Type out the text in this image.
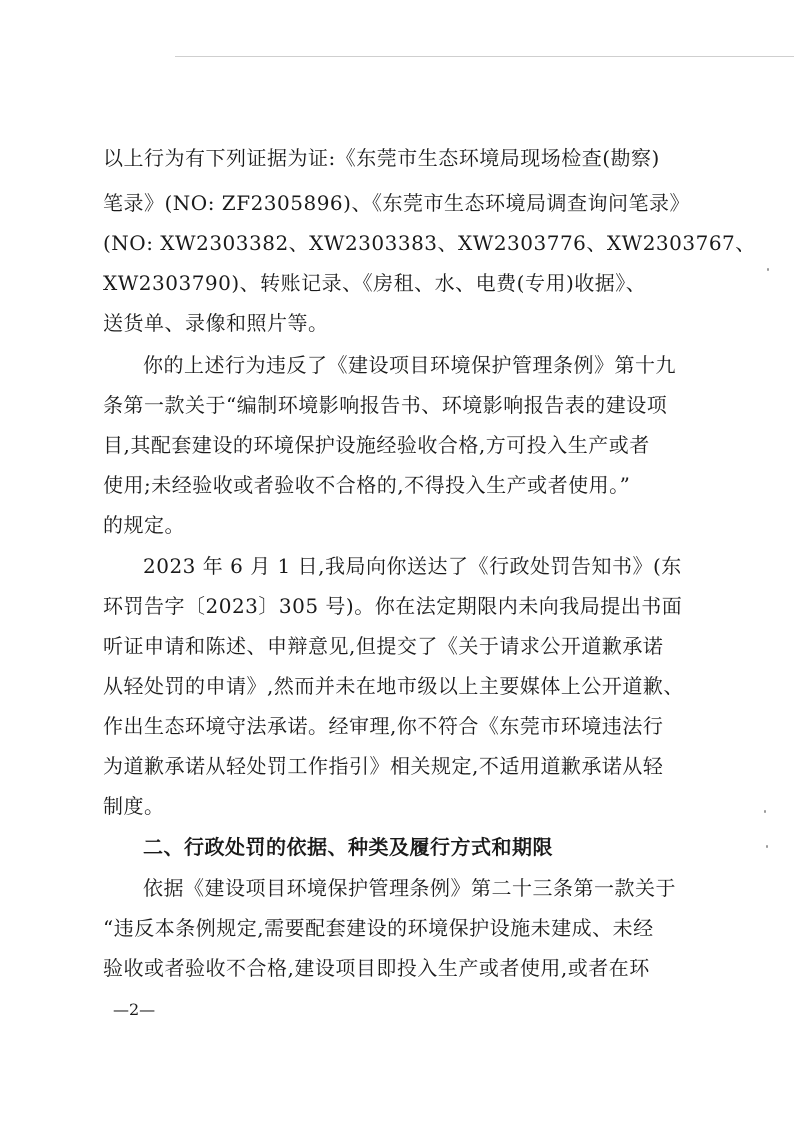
以上行为有下列证据为证:《东莞市生态环境局现场检查(勘察)
笔录》(NO: ZF2305896)、《东莞市生态环境局调查询问笔录》
(NO: XW2303382、XW2303383、XW2303776、XW2303767、
XW2303790)、转账记录、《房租、水、电费(专用)收据》、
送货单、录像和照片等。
你的上述行为违反了《建设项目环境保护管理条例》第十九
条第一款关于“编制环境影响报告书、环境影响报告表的建设项
目,其配套建设的环境保护设施经验收合格,方可投入生产或者
使用;未经验收或者验收不合格的,不得投入生产或者使用。”
的规定。
2023 年 6 月 1 日,我局向你送达了《行政处罚告知书》(东
环罚告字〔2023〕305 号)。你在法定期限内未向我局提出书面
听证申请和陈述、申辩意见,但提交了《关于请求公开道歉承诺
从轻处罚的申请》,然而并未在地市级以上主要媒体上公开道歉、
作出生态环境守法承诺。经审理,你不符合《东莞市环境违法行
为道歉承诺从轻处罚工作指引》相关规定,不适用道歉承诺从轻
制度。
二、行政处罚的依据、种类及履行方式和期限
依据《建设项目环境保护管理条例》第二十三条第一款关于
“违反本条例规定,需要配套建设的环境保护设施未建成、未经
验收或者验收不合格,建设项目即投入生产或者使用,或者在环
—2—
